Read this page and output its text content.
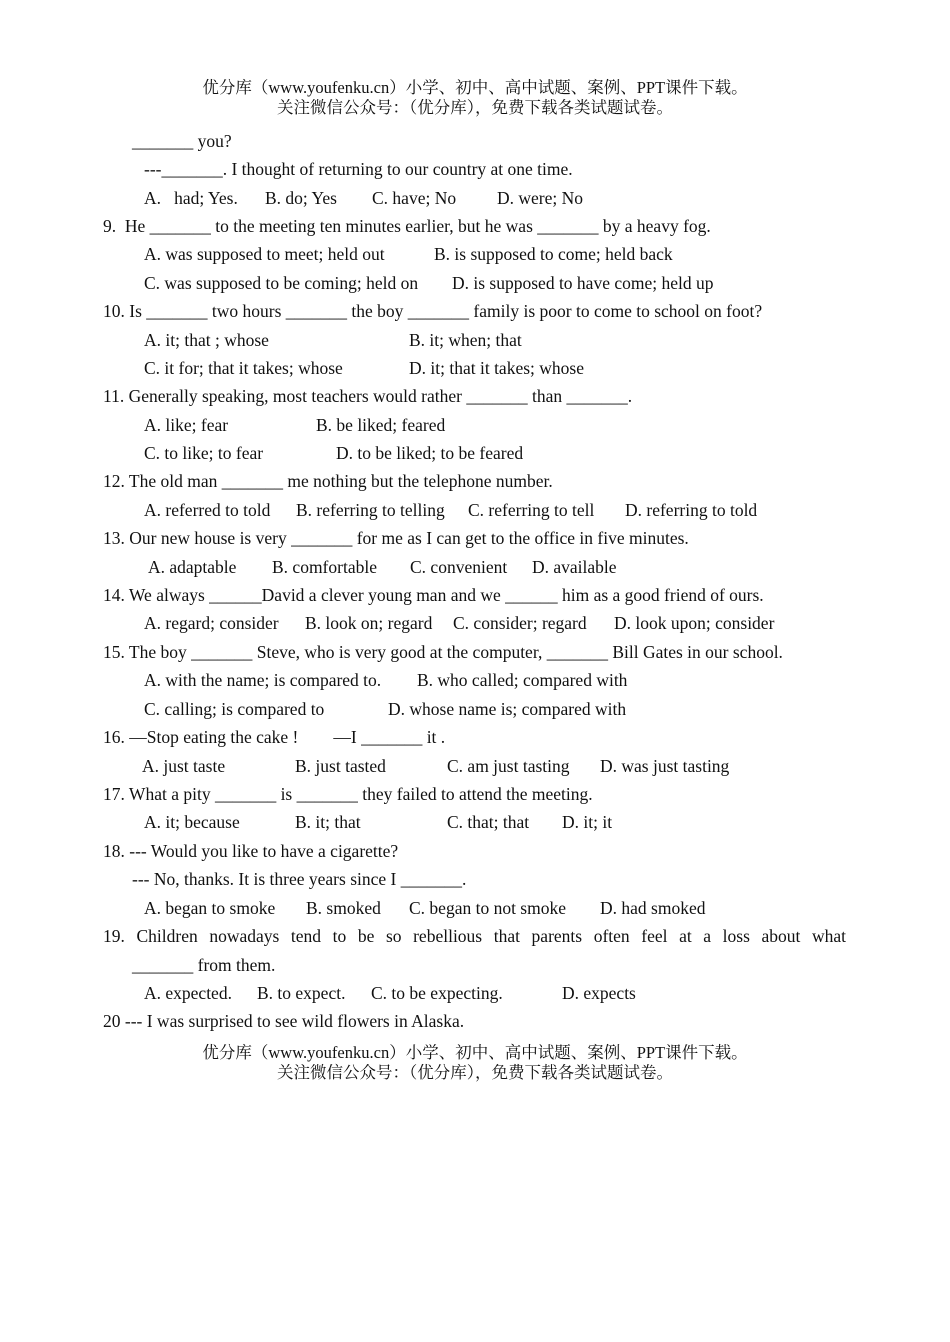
优分库（www.youfenku.cn）小学、初中、高中试题、案例、PPT课件下载。
关注微信公众号：（优分库），免费下载各类试题试卷。
_______ you?
---_______. I thought of returning to our country at one time.
A.   had; Yes. B. do; Yes C. have; No D. were; No
9.  He _______ to the meeting ten minutes earlier, but he was _______ by a heavy fog.
A. was supposed to meet; held out	B. is supposed to come; held back
C. was supposed to be coming; held on D. is supposed to have come; held up
10. Is _______ two hours _______ the boy _______ family is poor to come to school on foot?
A. it; that ; whose	B. it; when; that
C. it for; that it takes; whose	D. it; that it takes; whose
11. Generally speaking, most teachers would rather _______ than _______.
A. like; fear	B. be liked; feared
C. to like; to fear	D. to be liked; to be feared
12. The old man _______ me nothing but the telephone number.
A. referred to told B. referring to telling C. referring to tell D. referring to told
13. Our new house is very _______ for me as I can get to the office in five minutes.
A. adaptable B. comfortable C. convenient D. available
14. We always ______David a clever young man and we ______ him as a good friend of ours.
A. regard; consider B. look on; regard C. consider; regard D. look upon; consider
15. The boy _______ Steve, who is very good at the computer, _______ Bill Gates in our school.
A. with the name; is compared to. B. who called; compared with
C. calling; is compared to	D. whose name is; compared with
16. —Stop eating the cake !        —I _______ it .
A. just taste	B. just tasted	C. am just tasting D. was just tasting
17. What a pity _______ is _______ they failed to attend the meeting.
A. it; because	B. it; that	C. that; that D. it; it
18. --- Would you like to have a cigarette?
--- No, thanks. It is three years since I _______.
A. began to smoke B. smoked C. began to not smoke D. had smoked
19. Children nowadays tend to be so rebellious that parents often feel at a loss about what
_______ from them.
A. expected. B. to expect. C. to be expecting.	D. expects
20 --- I was surprised to see wild flowers in Alaska.
优分库（www.youfenku.cn）小学、初中、高中试题、案例、PPT课件下载。
关注微信公众号：（优分库），免费下载各类试题试卷。
